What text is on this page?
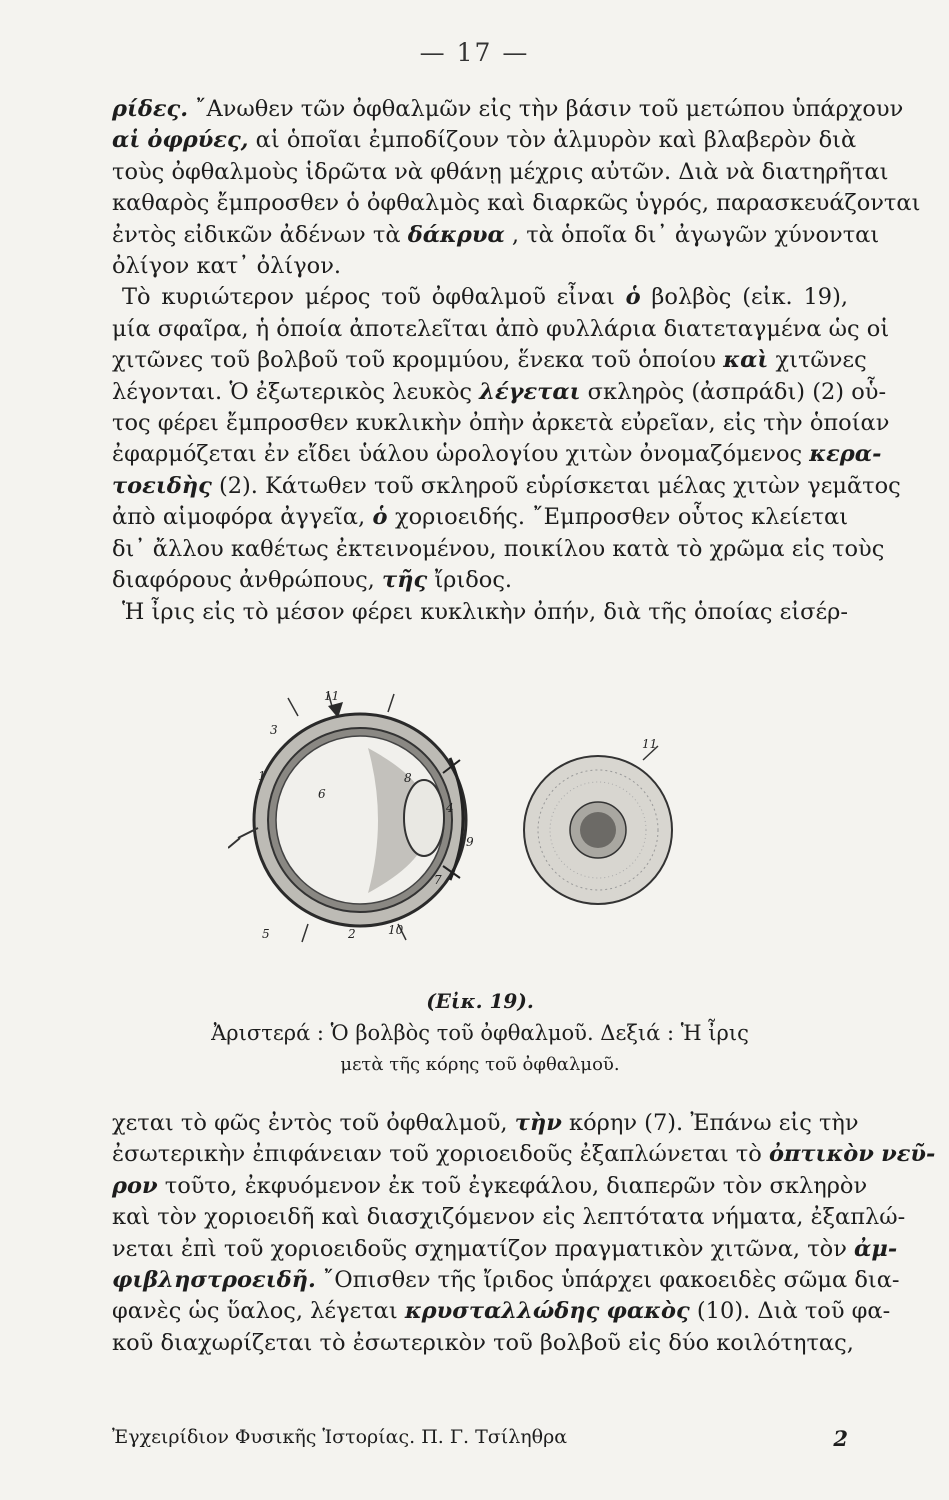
— 17 —
ρίδες. ῎Ανωθεν τῶν ὀφθαλμῶν εἰς τὴν βάσιν τοῦ μετώπου ὑπάρχουν
αἱ ὀφρύες, αἱ ὁποῖαι ἐμποδίζουν τὸν ἁλμυρὸν καὶ βλαβερὸν διὰ
τοὺς ὀφθαλμοὺς ἱδρῶτα νὰ φθάνῃ μέχρις αὐτῶν. Διὰ νὰ διατηρῆται
καθαρὸς ἔμπροσθεν ὁ ὀφθαλμὸς καὶ διαρκῶς ὑγρός, παρασκευάζονται
ἐντὸς εἰδικῶν ἀδένων τὰ δάκρυα , τὰ ὁποῖα δι᾿ ἀγωγῶν χύνονται
ὀλίγον κατ᾿ ὀλίγον.
Τὸ κυριώτερον μέρος τοῦ ὀφθαλμοῦ εἶναι ὁ βολβὸς (εἰκ. 19),
μία σφαῖρα, ἡ ὁποία ἀποτελεῖται ἀπὸ φυλλάρια διατεταγμένα ὡς οἱ
χιτῶνες τοῦ βολβοῦ τοῦ κρομμύου, ἕνεκα τοῦ ὁποίου καὶ χιτῶνες
λέγονται. Ὁ ἐξωτερικὸς λευκὸς λέγεται σκληρὸς (ἀσπράδι) (2) οὗ-
τος φέρει ἔμπροσθεν κυκλικὴν ὀπὴν ἀρκετὰ εὐρεῖαν, εἰς τὴν ὁποίαν
ἐφαρμόζεται ἐν εἴδει ὑάλου ὡρολογίου χιτὼν ὀνομαζόμενος κερα-
τοειδὴς (2). Κάτωθεν τοῦ σκληροῦ εὑρίσκεται μέλας χιτὼν γεμᾶτος
ἀπὸ αἱμοφόρα ἀγγεῖα, ὁ χοριοειδής. ῎Εμπροσθεν οὗτος κλείεται
δι᾿ ἄλλου καθέτως ἐκτεινομένου, ποικίλου κατὰ τὸ χρῶμα εἰς τοὺς
διαφόρους ἀνθρώπους, τῆς ἴριδος.
Ἡ ἶρις εἰς τὸ μέσον φέρει κυκλικὴν ὀπήν, διὰ τῆς ὁποίας εἰσέρ-
11
3
1
6
8
4
9
7
10
2
5
11
(Εἰκ. 19).
Ἀριστερά : Ὁ βολβὸς τοῦ ὀφθαλμοῦ. Δεξιά : Ἡ ἶρις
μετὰ τῆς κόρης τοῦ ὀφθαλμοῦ.
χεται τὸ φῶς ἐντὸς τοῦ ὀφθαλμοῦ, τὴν κόρην (7). Ἐπάνω εἰς τὴν
ἐσωτερικὴν ἐπιφάνειαν τοῦ χοριοειδοῦς ἐξαπλώνεται τὸ ὀπτικὸν νεῦ-
ρον τοῦτο, ἐκφυόμενον ἐκ τοῦ ἐγκεφάλου, διαπερῶν τὸν σκληρὸν
καὶ τὸν χοριοειδῆ καὶ διασχιζόμενον εἰς λεπτότατα νήματα, ἐξαπλώ-
νεται ἐπὶ τοῦ χοριοειδοῦς σχηματίζον πραγματικὸν χιτῶνα, τὸν ἀμ-
φιβληστροειδῆ. ῎Οπισθεν τῆς ἴριδος ὑπάρχει φακοειδὲς σῶμα δια-
φανὲς ὡς ὕαλος, λέγεται κρυσταλλώδης φακὸς (10). Διὰ τοῦ φα-
κοῦ διαχωρίζεται τὸ ἐσωτερικὸν τοῦ βολβοῦ εἰς δύο κοιλότητας,
Ἐγχειρίδιον Φυσικῆς Ἱστορίας. Π. Γ. Τσίληθρα	2
